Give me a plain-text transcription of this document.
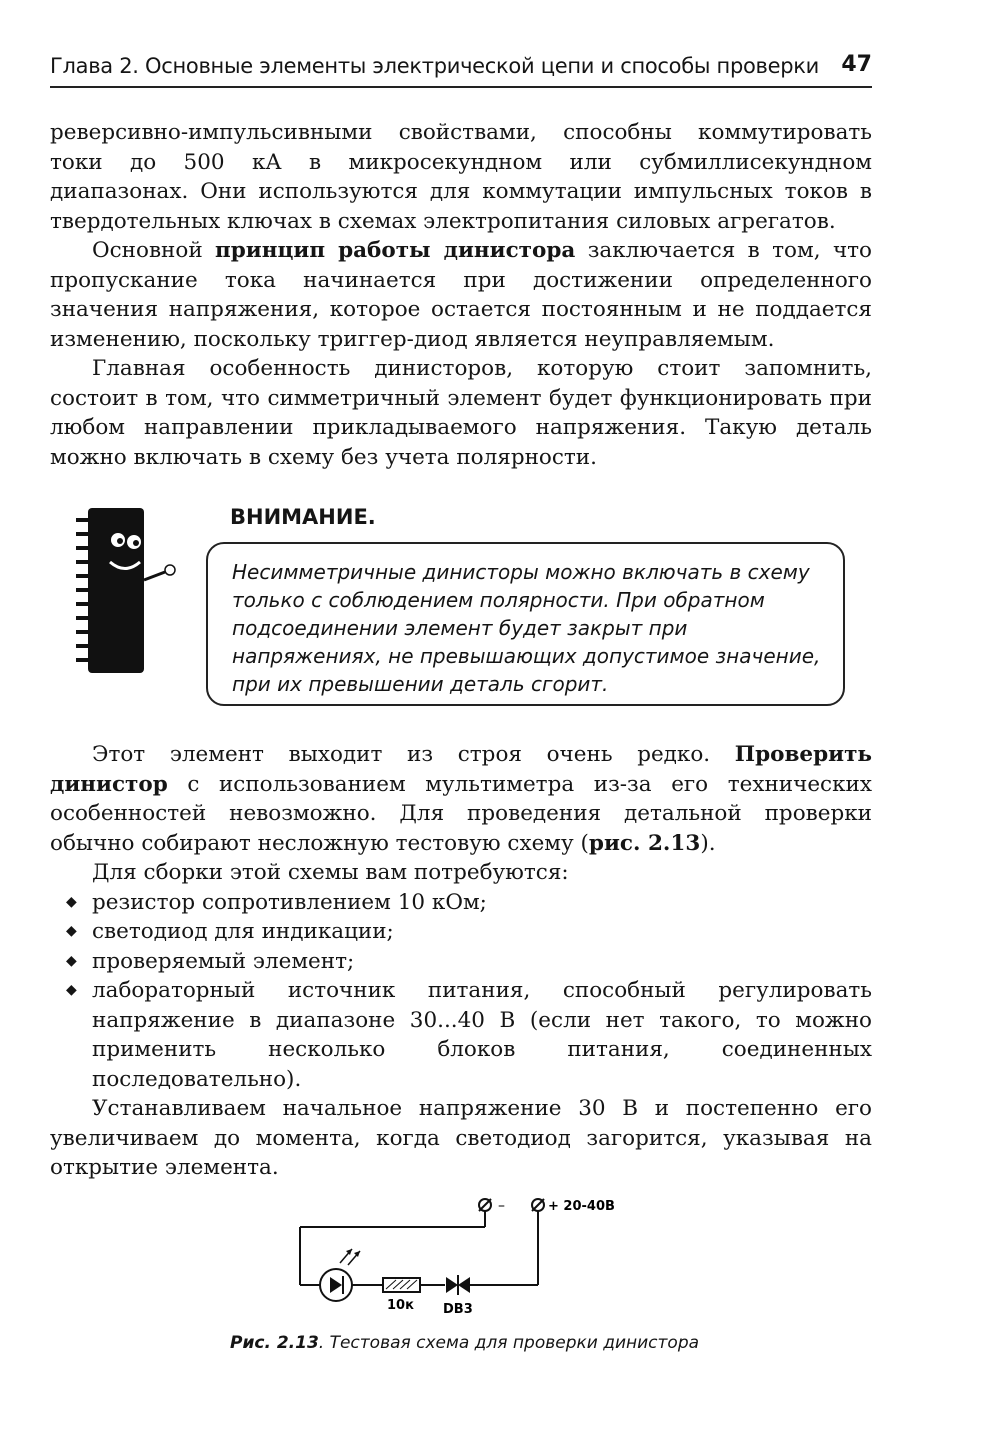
Глава 2. Основные элементы электрической цепи и способы проверки 47

реверсивно-импульсивными свойствами, способны коммутировать токи до 500 кА в микросекундном или субмиллисекундном диапазонах. Они используются для коммутации импульсных токов в твердотельных ключах в схемах электропитания силовых агрегатов.

Основной принцип работы динистора заключается в том, что пропускание тока начинается при достижении определенного значения напряжения, которое остается постоянным и не поддается изменению, поскольку триггер-диод является неуправляемым.

Главная особенность динисторов, которую стоит запомнить, состоит в том, что симметричный элемент будет функционировать при любом направлении прикладываемого напряжения. Такую деталь можно включать в схему без учета полярности.

ВНИМАНИЕ.
Несимметричные динисторы можно включать в схему только с соблюдением полярности. При обратном подсоединении элемент будет закрыт при напряжениях, не превышающих допустимое значение, при их превышении деталь сгорит.

Этот элемент выходит из строя очень редко. Проверить динистор с использованием мультиметра из-за его технических особенностей невозможно. Для проведения детальной проверки обычно собирают несложную тестовую схему (рис. 2.13).

Для сборки этой схемы вам потребуются:

◆ резистор сопротивлением 10 кОм;
◆ светодиод для индикации;
◆ проверяемый элемент;
◆ лабораторный источник питания, способный регулировать напряжение в диапазоне 30...40 В (если нет такого, то можно применить несколько блоков питания, соединенных последовательно).

Устанавливаем начальное напряжение 30 В и постепенно его увеличиваем до момента, когда светодиод загорится, указывая на открытие элемента.

–	+ 20-40В
10к DB3
Рис. 2.13. Тестовая схема для проверки динистора
